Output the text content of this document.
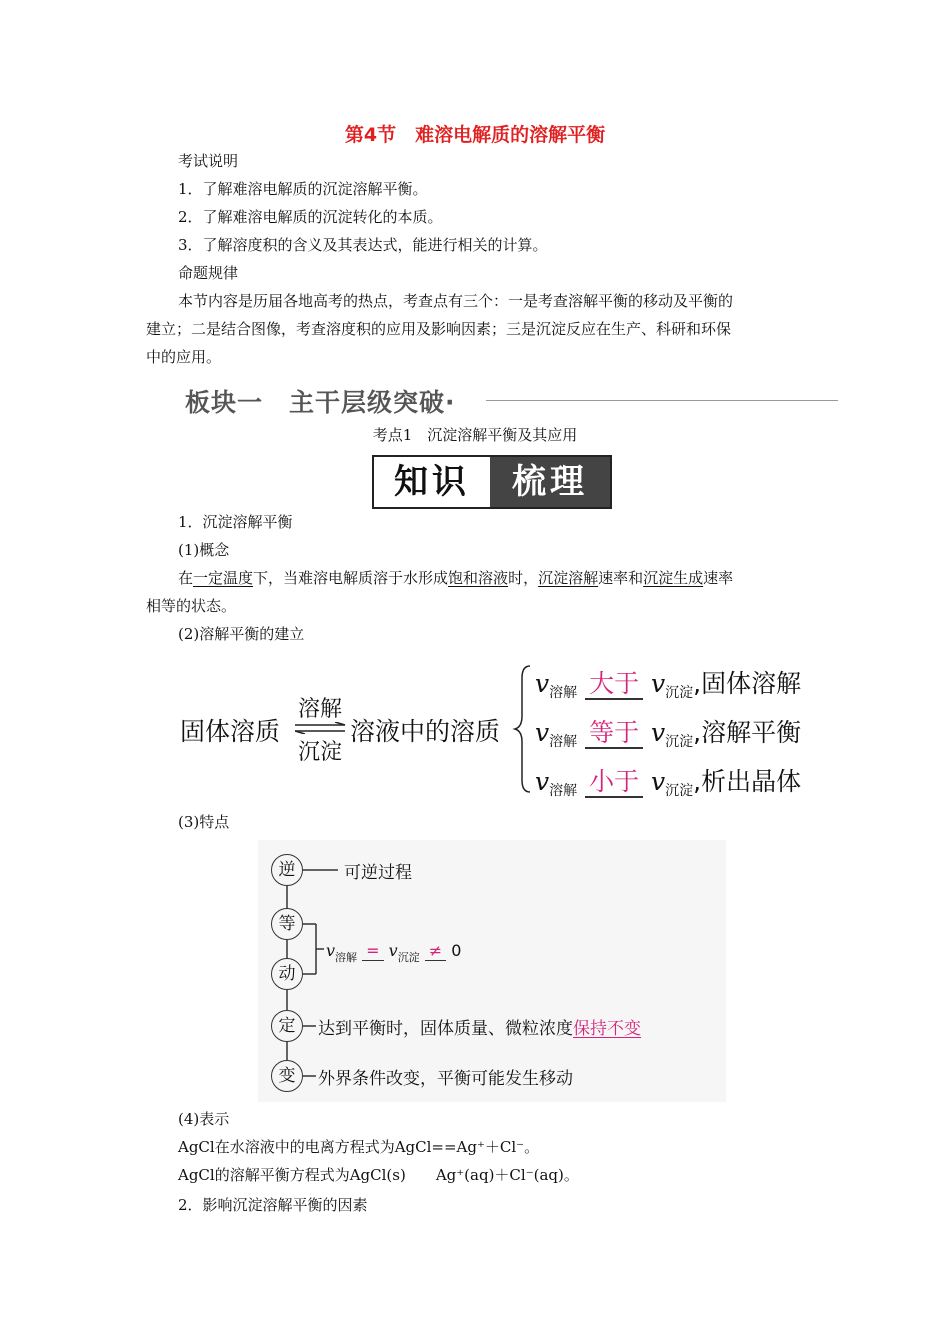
第4节　难溶电解质的溶解平衡
考试说明
1．了解难溶电解质的沉淀溶解平衡。
2．了解难溶电解质的沉淀转化的本质。
3．了解溶度积的含义及其表达式，能进行相关的计算。
命题规律
本节内容是历届各地高考的热点，考查点有三个：一是考查溶解平衡的移动及平衡的
建立；二是结合图像，考查溶度积的应用及影响因素；三是沉淀反应在生产、科研和环保
中的应用。
板块一　主干层级突破·
考点1　沉淀溶解平衡及其应用
知识	梳理
1．沉淀溶解平衡
(1)概念
在一定温度下，当难溶电解质溶于水形成饱和溶液时，沉淀溶解速率和沉淀生成速率
相等的状态。
(2)溶解平衡的建立
固体溶质
溶解
沉淀
溶液中的溶质
$v_{溶解}$ 大于 $v_{沉淀}$,固体溶解
$v_{溶解}$ 等于 $v_{沉淀}$,溶解平衡
$v_{溶解}$ 小于 $v_{沉淀}$,析出晶体
(3)特点
逆
等
动
定
变
可逆过程
$v_{溶解} = v_{沉淀} \ne 0$
达到平衡时，固体质量、微粒浓度保持不变
外界条件改变，平衡可能发生移动
(4)表示
AgCl在水溶液中的电离方程式为AgCl==Ag⁺＋Cl⁻。
AgCl的溶解平衡方程式为AgCl(s)　　Ag⁺(aq)＋Cl⁻(aq)。
2．影响沉淀溶解平衡的因素
